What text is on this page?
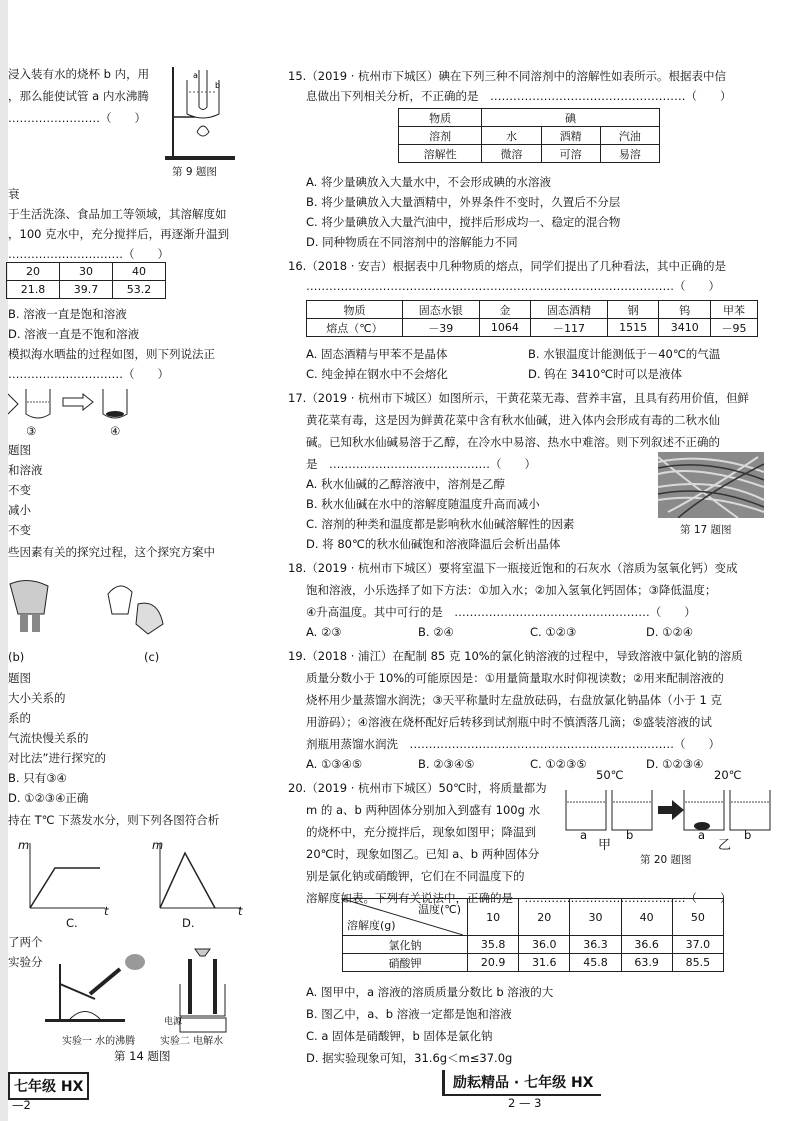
浸入装有水的烧杯 b 内，用
，那么能使试管 a 内水沸腾
……………………（　　）
a
b
第 9 题图
衰
于生活洗涤、食品加工等领域，其溶解度如
，100 克水中，充分搅拌后，再逐渐升温到
…………………………（　　）
20	30	40
21.8	39.7	53.2
B. 溶液一直是饱和溶液
D. 溶液一直是不饱和溶液
模拟海水晒盐的过程如图，则下列说法正
…………………………（　　）
③	④
题图
和溶液
不变
减小
不变
些因素有关的探究过程，这个探究方案中
(b)	(c)
题图
大小关系的
系的
气流快慢关系的
对比法”进行探究的
B. 只有③④
D. ①②③④正确
持在 T℃ 下蒸发水分，则下列各图符合析
m
t
m
t
C.	D.
了两个
实验分
电源
实验一 水的沸腾 实验二 电解水
第 14 题图
七年级 HX
—2
15.（2019 · 杭州市下城区）碘在下列三种不同溶剂中的溶解性如表所示。根据表中信
息做出下列相关分析，不正确的是　……………………………………………（　　）
物质	碘		
溶剂	水	酒精	汽油
溶解性	微溶	可溶	易溶
A. 将少量碘放入大量水中，不会形成碘的水溶液
B. 将少量碘放入大量酒精中，外界条件不变时，久置后不分层
C. 将少量碘放入大量汽油中，搅拌后形成均一、稳定的混合物
D. 同种物质在不同溶剂中的溶解能力不同
16.（2018 · 安吉）根据表中几种物质的熔点，同学们提出了几种看法，其中正确的是
……………………………………………………………………………………（　　）
物质	固态水银	金	固态酒精	钢	钨	甲苯
熔点（℃）	－39	1064	－117	1515	3410	－95
A. 固态酒精与甲苯不是晶体	B. 水银温度计能测低于－40℃的气温
C. 纯金掉在钢水中不会熔化	D. 钨在 3410℃时可以是液体
17.（2019 · 杭州市下城区）如图所示，干黄花菜无毒、营养丰富，且具有药用价值，但鲜
黄花菜有毒，这是因为鲜黄花菜中含有秋水仙碱，进入体内会形成有毒的二秋水仙
碱。已知秋水仙碱易溶于乙醇，在冷水中易溶、热水中难溶。则下列叙述不正确的
是　……………………………………（　　）
A. 秋水仙碱的乙醇溶液中，溶剂是乙醇
B. 秋水仙碱在水中的溶解度随温度升高而减小
C. 溶剂的种类和温度都是影响秋水仙碱溶解性的因素
D. 将 80℃的秋水仙碱饱和溶液降温后会析出晶体
第 17 题图
18.（2019 · 杭州市下城区）要将室温下一瓶接近饱和的石灰水（溶质为氢氧化钙）变成
饱和溶液，小乐选择了如下方法：①加入水；②加入氢氧化钙固体；③降低温度；
④升高温度。其中可行的是　……………………………………………（　　）
A. ②③	B. ②④	C. ①②③	D. ①②④
19.（2018 · 浦江）在配制 85 克 10%的氯化钠溶液的过程中，导致溶液中氯化钠的溶质
质量分数小于 10%的可能原因是：①用量筒量取水时仰视读数；②用来配制溶液的
烧杯用少量蒸馏水润洗；③天平称量时左盘放砝码，右盘放氯化钠晶体（小于 1 克
用游码）；④溶液在烧杯配好后转移到试剂瓶中时不慎洒落几滴；⑤盛装溶液的试
剂瓶用蒸馏水润洗　……………………………………………………………（　　）
A. ①③④⑤	B. ②③④⑤	C. ①②③⑤	D. ①②③④
20.（2019 · 杭州市下城区）50℃时，将质量都为
m 的 a、b 两种固体分别加入到盛有 100g 水
的烧杯中，充分搅拌后，现象如图甲；降温到
20℃时，现象如图乙。已知 a、b 两种固体分
别是氯化钠或硝酸钾，它们在不同温度下的
溶解度如表。下列有关说法中，正确的是　……………………………………（　　）
50℃	20℃
a	b
甲
a	b
乙
第 20 题图
温度(℃)
溶解度(g)	10	20	30	40	50
氯化钠	35.8	36.0	36.3	36.6	37.0
硝酸钾	20.9	31.6	45.8	63.9	85.5
A. 图甲中，a 溶液的溶质质量分数比 b 溶液的大
B. 图乙中，a、b 溶液一定都是饱和溶液
C. a 固体是硝酸钾，b 固体是氯化钠
D. 据实验现象可知，31.6g＜m≤37.0g
励耘精品 · 七年级 HX
2 — 3
